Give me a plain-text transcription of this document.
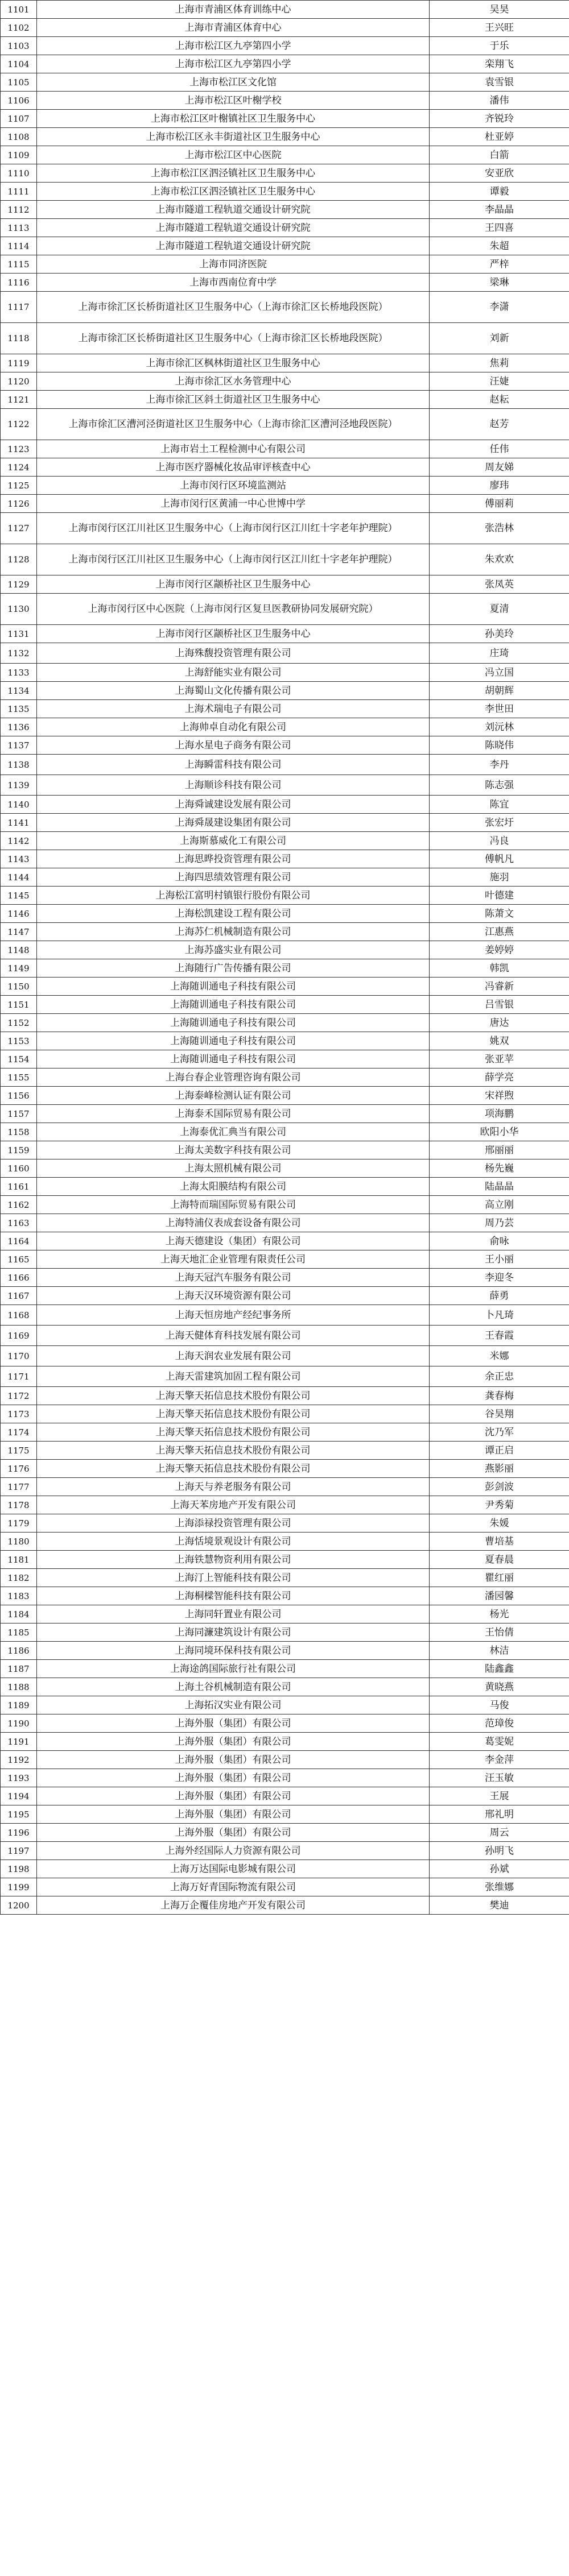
1101	上海市青浦区体育训练中心	吴昊
1102	上海市青浦区体育中心	王兴旺
1103	上海市松江区九亭第四小学	于乐
1104	上海市松江区九亭第四小学	栾翔飞
1105	上海市松江区文化馆	袁雪银
1106	上海市松江区叶榭学校	潘伟
1107	上海市松江区叶榭镇社区卫生服务中心	齐锐玲
1108	上海市松江区永丰街道社区卫生服务中心	杜亚婷
1109	上海市松江区中心医院	白箭
1110	上海市松江区泗泾镇社区卫生服务中心	安亚欣
1111	上海市松江区泗泾镇社区卫生服务中心	谭毅
1112	上海市隧道工程轨道交通设计研究院	李晶晶
1113	上海市隧道工程轨道交通设计研究院	王四喜
1114	上海市隧道工程轨道交通设计研究院	朱超
1115	上海市同济医院	严梓
1116	上海市西南位育中学	梁琳
1117	上海市徐汇区长桥街道社区卫生服务中心（上海市徐汇区长桥地段医院）	李潇
1118	上海市徐汇区长桥街道社区卫生服务中心（上海市徐汇区长桥地段医院）	刘新
1119	上海市徐汇区枫林街道社区卫生服务中心	焦莉
1120	上海市徐汇区水务管理中心	汪婕
1121	上海市徐汇区斜土街道社区卫生服务中心	赵耘
1122	上海市徐汇区漕河泾街道社区卫生服务中心（上海市徐汇区漕河泾地段医院）	赵芳
1123	上海市岩土工程检测中心有限公司	任伟
1124	上海市医疗器械化妆品审评核查中心	周友娣
1125	上海市闵行区环境监测站	廖玮
1126	上海市闵行区黄浦一中心世博中学	傅丽莉
1127	上海市闵行区江川社区卫生服务中心（上海市闵行区江川红十字老年护理院）	张浩林
1128	上海市闵行区江川社区卫生服务中心（上海市闵行区江川红十字老年护理院）	朱欢欢
1129	上海市闵行区颛桥社区卫生服务中心	张凤英
1130	上海市闵行区中心医院（上海市闵行区复旦医教研协同发展研究院）	夏清
1131	上海市闵行区颛桥社区卫生服务中心	孙美玲
1132	上海殊馥投资管理有限公司	庄琦
1133	上海舒能实业有限公司	冯立国
1134	上海蜀山文化传播有限公司	胡朝辉
1135	上海术瑞电子有限公司	李世田
1136	上海帅卓自动化有限公司	刘沅林
1137	上海水星电子商务有限公司	陈晓伟
1138	上海瞬雷科技有限公司	李丹
1139	上海顺诊科技有限公司	陈志强
1140	上海舜诚建设发展有限公司	陈宜
1141	上海舜晟建设集团有限公司	张宏圩
1142	上海斯慕威化工有限公司	冯良
1143	上海思晔投资管理有限公司	傅帆凡
1144	上海四思绩效管理有限公司	施羽
1145	上海松江富明村镇银行股份有限公司	叶德建
1146	上海松凯建设工程有限公司	陈萧文
1147	上海苏仁机械制造有限公司	江惠燕
1148	上海苏盛实业有限公司	姜婷婷
1149	上海随行广告传播有限公司	韩凯
1150	上海随训通电子科技有限公司	冯睿新
1151	上海随训通电子科技有限公司	吕雪银
1152	上海随训通电子科技有限公司	唐达
1153	上海随训通电子科技有限公司	姚双
1154	上海随训通电子科技有限公司	张亚苹
1155	上海台春企业管理咨询有限公司	薛学亮
1156	上海泰峰检测认证有限公司	宋祥煦
1157	上海泰禾国际贸易有限公司	项海鹏
1158	上海泰优汇典当有限公司	欧阳小华
1159	上海太美数字科技有限公司	邢丽丽
1160	上海太照机械有限公司	杨先巍
1161	上海太阳膜结构有限公司	陆晶晶
1162	上海特而瑞国际贸易有限公司	高立刚
1163	上海特浦仪表成套设备有限公司	周乃芸
1164	上海天德建设（集团）有限公司	俞咏
1165	上海天地汇企业管理有限责任公司	王小丽
1166	上海天冠汽车服务有限公司	李迎冬
1167	上海天汉环境资源有限公司	薛勇
1168	上海天恒房地产经纪事务所	卜凡琦
1169	上海天健体育科技发展有限公司	王春霞
1170	上海天润农业发展有限公司	米娜
1171	上海天雷建筑加固工程有限公司	余正忠
1172	上海天擎天拓信息技术股份有限公司	龚春梅
1173	上海天擎天拓信息技术股份有限公司	谷昊翔
1174	上海天擎天拓信息技术股份有限公司	沈乃军
1175	上海天擎天拓信息技术股份有限公司	谭正启
1176	上海天擎天拓信息技术股份有限公司	燕影丽
1177	上海天与养老服务有限公司	彭剑波
1178	上海天苯房地产开发有限公司	尹秀菊
1179	上海添禄投资管理有限公司	朱媛
1180	上海恬境景观设计有限公司	曹培基
1181	上海铁慧物资利用有限公司	夏春晨
1182	上海汀上智能科技有限公司	瞿红丽
1183	上海桐樑智能科技有限公司	潘园馨
1184	上海同轩置业有限公司	杨光
1185	上海同濂建筑设计有限公司	王怡倩
1186	上海同境环保科技有限公司	林洁
1187	上海途鸽国际旅行社有限公司	陆鑫鑫
1188	上海土谷机械制造有限公司	黄晓燕
1189	上海拓汉实业有限公司	马俊
1190	上海外服（集团）有限公司	范璋俊
1191	上海外服（集团）有限公司	葛雯妮
1192	上海外服（集团）有限公司	李金萍
1193	上海外服（集团）有限公司	汪玉敏
1194	上海外服（集团）有限公司	王展
1195	上海外服（集团）有限公司	邢礼明
1196	上海外服（集团）有限公司	周云
1197	上海外经国际人力资源有限公司	孙明飞
1198	上海万达国际电影城有限公司	孙斌
1199	上海万好青国际物流有限公司	张维娜
1200	上海万企覆佳房地产开发有限公司	樊迪
